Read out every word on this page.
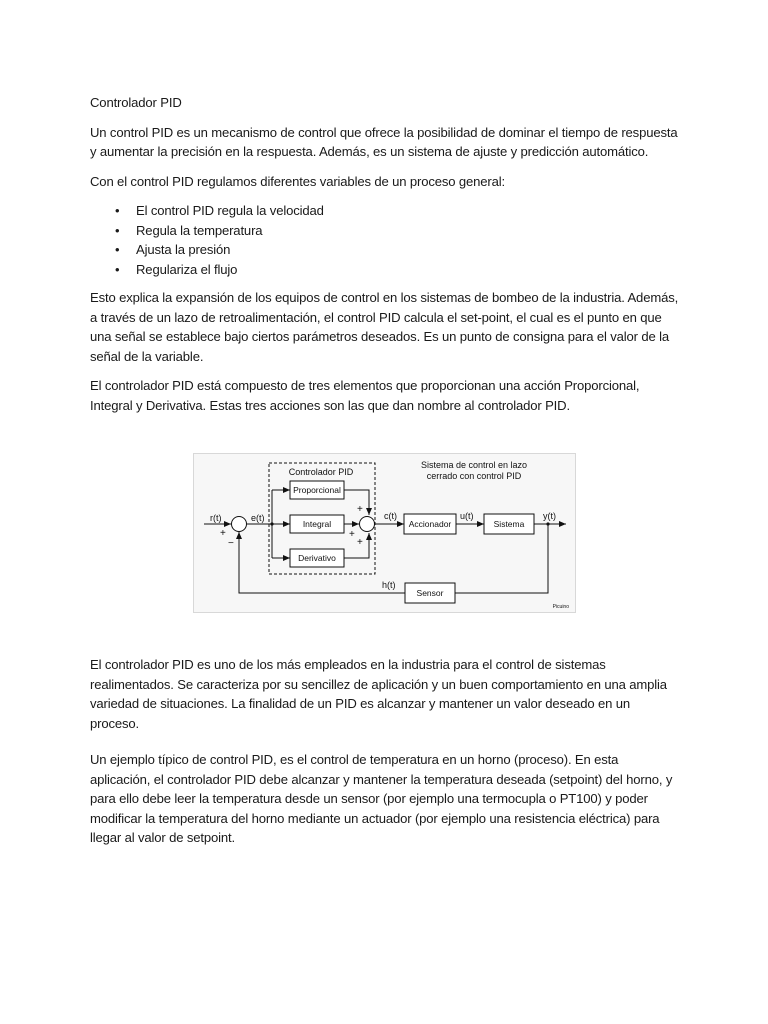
Controlador PID

Un control PID es un mecanismo de control que ofrece la posibilidad de dominar el tiempo de respuesta y aumentar la precisión en la respuesta. Además, es un sistema de ajuste y predicción automático.

Con el control PID regulamos diferentes variables de un proceso general:

• El control PID regula la velocidad
• Regula la temperatura
• Ajusta la presión
• Regulariza el flujo

Esto explica la expansión de los equipos de control en los sistemas de bombeo de la industria. Además, a través de un lazo de retroalimentación, el control PID calcula el set-point, el cual es el punto en que una señal se establece bajo ciertos parámetros deseados. Es un punto de consigna para el valor de la señal de la variable.

El controlador PID está compuesto de tres elementos que proporcionan una acción Proporcional, Integral y Derivativa. Estas tres acciones son las que dan nombre al controlador PID.

Sistema de control en lazo
cerrado con control PID
Controlador PID
r(t)
+
−
e(t)
Proporcional
Integral
Derivativo
+
+
+
c(t)
Accionador
u(t)
Sistema
y(t)
Sensor
h(t)
Picuino

El controlador PID es uno de los más empleados en la industria para el control de sistemas realimentados. Se caracteriza por su sencillez de aplicación y un buen comportamiento en una amplia variedad de situaciones. La finalidad de un PID es alcanzar y mantener un valor deseado en un proceso.

Un ejemplo típico de control PID, es el control de temperatura en un horno (proceso). En esta aplicación, el controlador PID debe alcanzar y mantener la temperatura deseada (setpoint) del horno, y para ello debe leer la temperatura desde un sensor (por ejemplo una termocupla o PT100) y poder modificar la temperatura del horno mediante un actuador (por ejemplo una resistencia eléctrica) para llegar al valor de setpoint.
